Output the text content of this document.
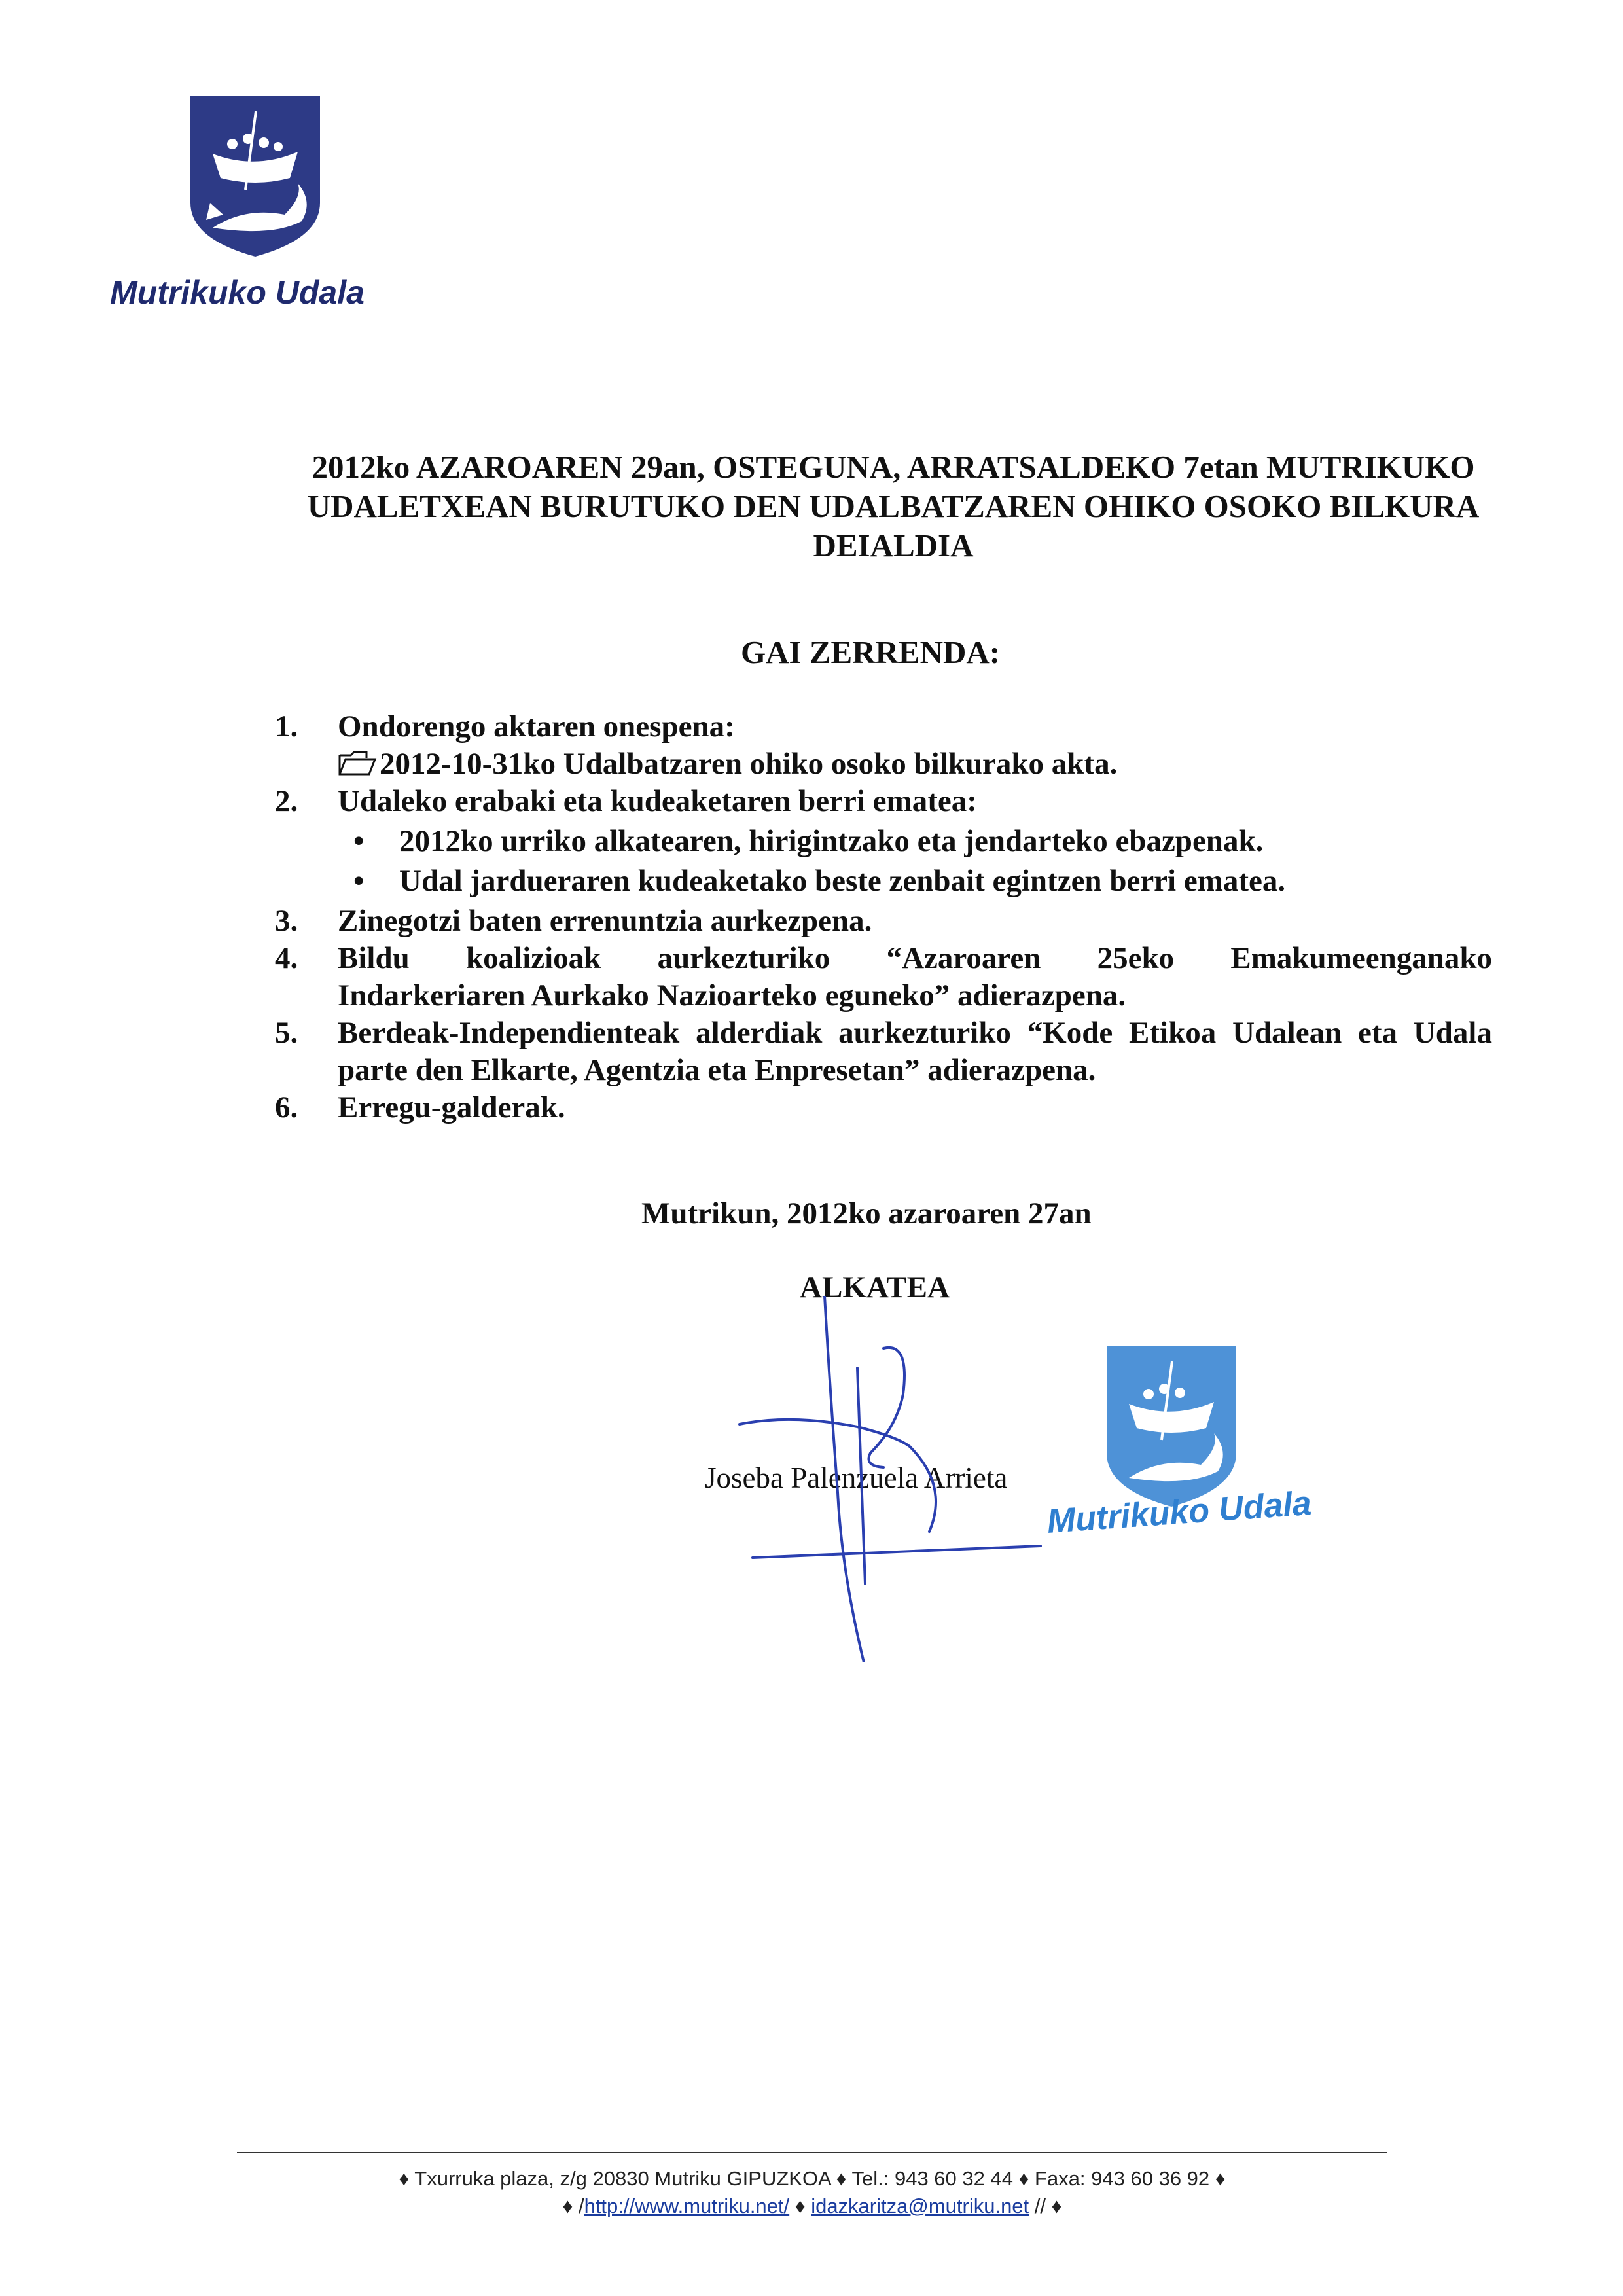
Mutrikuko Udala
2012ko AZAROAREN 29an, OSTEGUNA, ARRATSALDEKO 7etan MUTRIKUKO
UDALETXEAN BURUTUKO DEN UDALBATZAREN OHIKO OSOKO BILKURA
DEIALDIA
GAI ZERRENDA:
1.	Ondorengo aktaren onespena:
2012-10-31ko Udalbatzaren ohiko osoko bilkurako akta.
2.	Udaleko erabaki eta kudeaketaren berri ematea:
•	2012ko urriko alkatearen, hirigintzako eta jendarteko ebazpenak.
•	Udal jardueraren kudeaketako beste zenbait egintzen berri ematea.
3.	Zinegotzi baten errenuntzia aurkezpena.
4.	Bildu koalizioak aurkezturiko “Azaroaren 25eko Emakumeenganako
Indarkeriaren Aurkako Nazioarteko eguneko” adierazpena.
5.	Berdeak-Independienteak alderdiak aurkezturiko “Kode Etikoa Udalean eta Udala
parte den Elkarte, Agentzia eta Enpresetan” adierazpena.
6.	Erregu-galderak.
Mutrikun, 2012ko azaroaren 27an
ALKATEA
Joseba Palenzuela Arrieta
Mutrikuko Udala
♦ Txurruka plaza, z/g 20830 Mutriku GIPUZKOA ♦ Tel.: 943 60 32 44 ♦ Faxa: 943 60 36 92 ♦
♦ /http://www.mutriku.net/ ♦ idazkaritza@mutriku.net // ♦
